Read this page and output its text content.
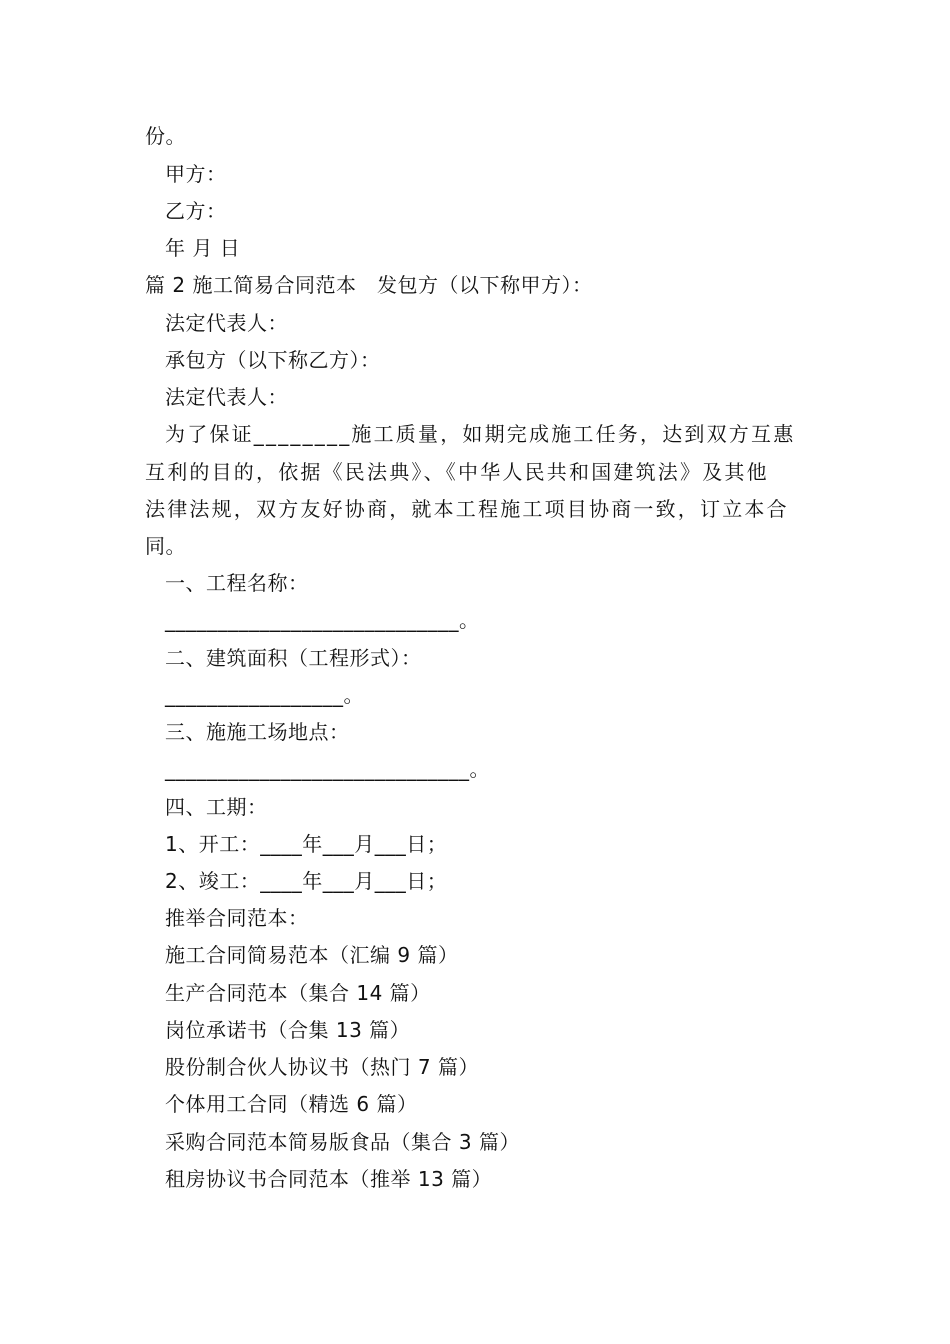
份。
甲方：
乙方：
年 月 日
篇 2 施工简易合同范本　发包方（以下称甲方）：
法定代表人：
承包方（以下称乙方）：
法定代表人：
为了保证________施工质量，如期完成施工任务，达到双方互惠
互利的目的，依据《民法典》、《中华人民共和国建筑法》及其他
法律法规，双方友好协商，就本工程施工项目协商一致，订立本合
同。
一、工程名称：
____________________________。
二、建筑面积（工程形式）：
_________________。
三、施施工场地点：
_____________________________。
四、工期：
1、开工：____年___月___日；
2、竣工：____年___月___日；
推举合同范本：
施工合同简易范本（汇编 9 篇）
生产合同范本（集合 14 篇）
岗位承诺书（合集 13 篇）
股份制合伙人协议书（热门 7 篇）
个体用工合同（精选 6 篇）
采购合同范本简易版食品（集合 3 篇）
租房协议书合同范本（推举 13 篇）
